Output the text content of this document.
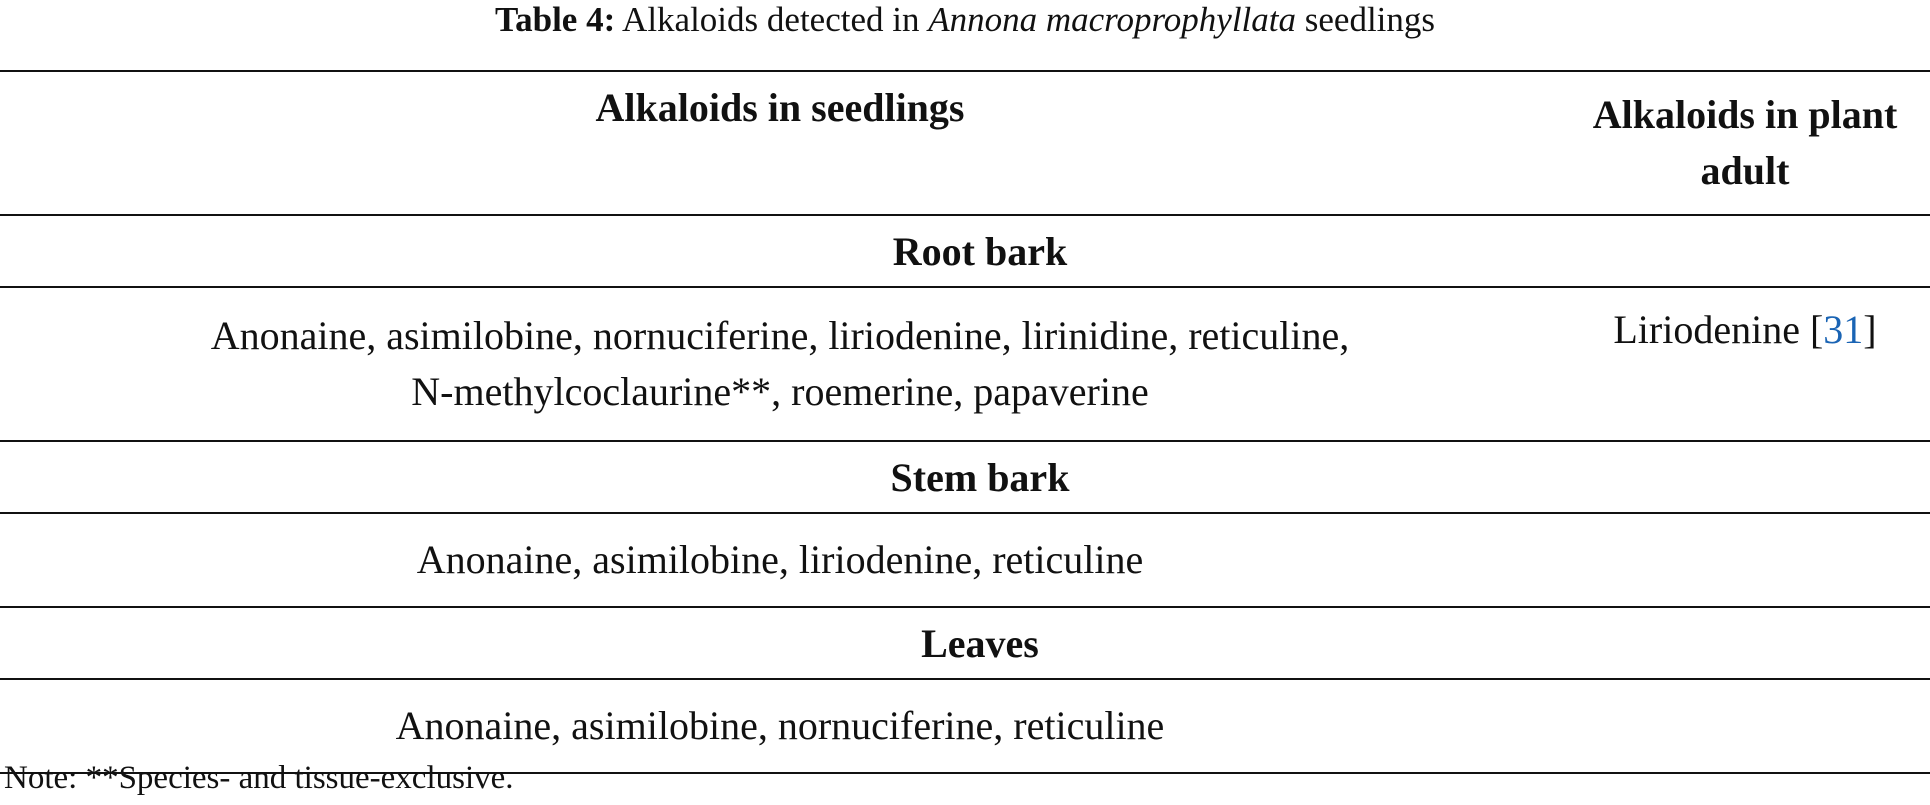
Table 4: Alkaloids detected in Annona macroprophyllata seedlings
Alkaloids in seedlings	Alkaloids in plant adult
Root bark	

Anonaine, asimilobine, nornuciferine, liriodenine, lirinidine, reticuline,
N-methylcoclaurine**, roemerine, papaverine	Liriodenine [31]
Stem bark	
Anonaine, asimilobine, liriodenine, reticuline	
Leaves	
Anonaine, asimilobine, nornuciferine, reticuline	
Note: **Species- and tissue-exclusive.
